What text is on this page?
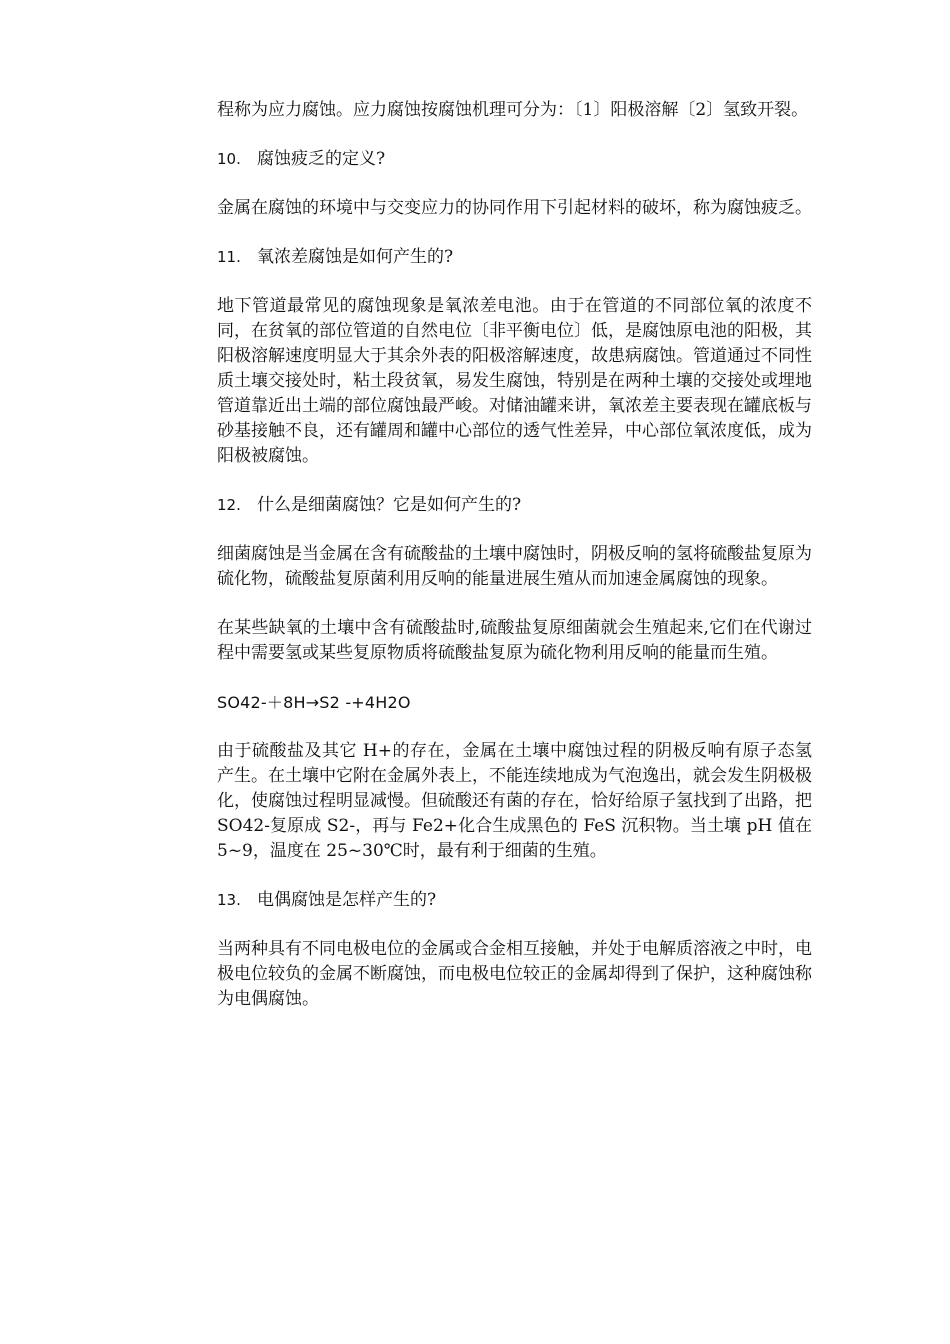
程称为应力腐蚀。应力腐蚀按腐蚀机理可分为：〔1〕阳极溶解〔2〕氢致开裂。

10. 腐蚀疲乏的定义?

金属在腐蚀的环境中与交变应力的协同作用下引起材料的破坏，称为腐蚀疲乏。

11. 氧浓差腐蚀是如何产生的?

地下管道最常见的腐蚀现象是氧浓差电池。由于在管道的不同部位氧的浓度不同，在贫氧的部位管道的自然电位〔非平衡电位〕低，是腐蚀原电池的阳极，其阳极溶解速度明显大于其余外表的阳极溶解速度，故患病腐蚀。管道通过不同性质土壤交接处时，粘土段贫氧，易发生腐蚀，特别是在两种土壤的交接处或埋地管道靠近出土端的部位腐蚀最严峻。对储油罐来讲，氧浓差主要表现在罐底板与砂基接触不良，还有罐周和罐中心部位的透气性差异，中心部位氧浓度低，成为阳极被腐蚀。

12. 什么是细菌腐蚀？它是如何产生的?

细菌腐蚀是当金属在含有硫酸盐的土壤中腐蚀时，阴极反响的氢将硫酸盐复原为硫化物，硫酸盐复原菌利用反响的能量进展生殖从而加速金属腐蚀的现象。

在某些缺氧的土壤中含有硫酸盐时,硫酸盐复原细菌就会生殖起来,它们在代谢过程中需要氢或某些复原物质将硫酸盐复原为硫化物利用反响的能量而生殖。

SO42-＋8H→S2 -+4H2O

由于硫酸盐及其它 H+的存在，金属在土壤中腐蚀过程的阴极反响有原子态氢产生。在土壤中它附在金属外表上，不能连续地成为气泡逸出，就会发生阴极极化，使腐蚀过程明显减慢。但硫酸还有菌的存在，恰好给原子氢找到了出路，把 SO42-复原成 S2-，再与 Fe2+化合生成黑色的 FeS 沉积物。当土壤 pH 值在 5~9，温度在 25~30℃时，最有利于细菌的生殖。

13. 电偶腐蚀是怎样产生的?

当两种具有不同电极电位的金属或合金相互接触，并处于电解质溶液之中时，电极电位较负的金属不断腐蚀，而电极电位较正的金属却得到了保护，这种腐蚀称为电偶腐蚀。
